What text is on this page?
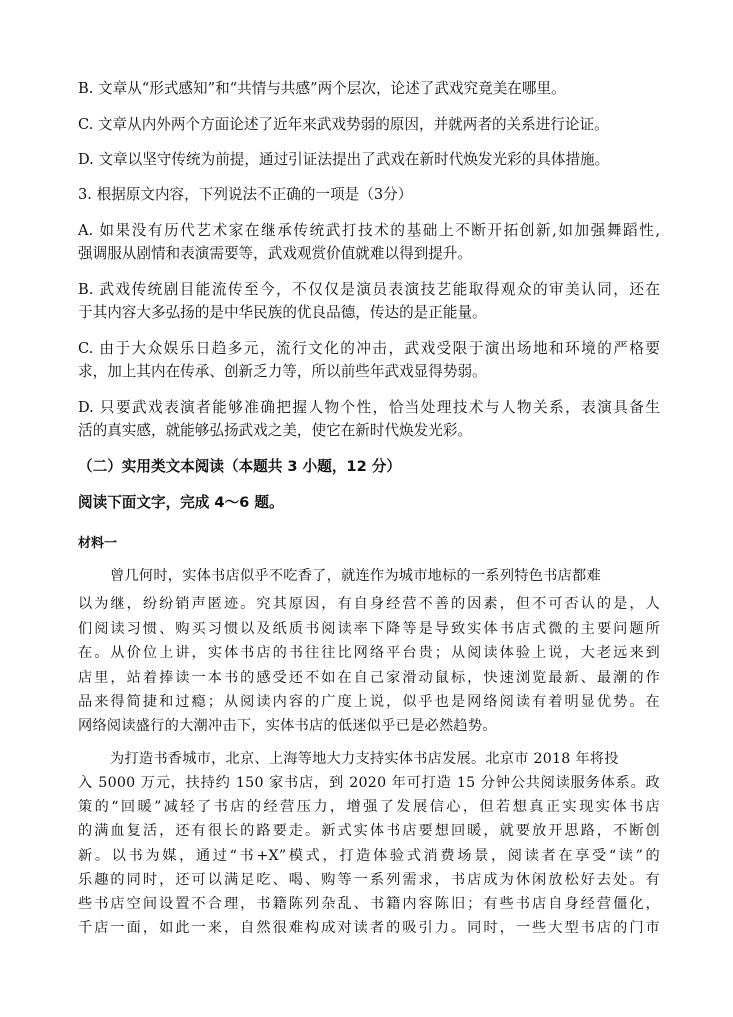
B. 文章从“形式感知”和“共情与共感”两个层次，论述了武戏究竟美在哪里。
C. 文章从内外两个方面论述了近年来武戏势弱的原因，并就两者的关系进行论证。
D. 文章以坚守传统为前提，通过引证法提出了武戏在新时代焕发光彩的具体措施。
3. 根据原文内容，下列说法不正确的一项是（3分）
A. 如果没有历代艺术家在继承传统武打技术的基础上不断开拓创新,如加强舞蹈性,
强调服从剧情和表演需要等，武戏观赏价值就难以得到提升。
B. 武戏传统剧目能流传至今，不仅仅是演员表演技艺能取得观众的审美认同，还在
于其内容大多弘扬的是中华民族的优良品德，传达的是正能量。
C. 由于大众娱乐日趋多元，流行文化的冲击，武戏受限于演出场地和环境的严格要
求，加上其内在传承、创新乏力等，所以前些年武戏显得势弱。
D. 只要武戏表演者能够准确把握人物个性，恰当处理技术与人物关系，表演具备生
活的真实感，就能够弘扬武戏之美，使它在新时代焕发光彩。
（二）实用类文本阅读（本题共 3 小题，12 分）
阅读下面文字，完成 4～6 题。
材料一
曾几何时，实体书店似乎不吃香了，就连作为城市地标的一系列特色书店都难
以为继，纷纷销声匿迹。究其原因，有自身经营不善的因素，但不可否认的是，人
们阅读习惯、购买习惯以及纸质书阅读率下降等是导致实体书店式微的主要问题所
在。从价位上讲，实体书店的书往往比网络平台贵；从阅读体验上说，大老远来到
店里，站着捧读一本书的感受还不如在自己家滑动鼠标，快速浏览最新、最潮的作
品来得简捷和过瘾；从阅读内容的广度上说，似乎也是网络阅读有着明显优势。在
网络阅读盛行的大潮冲击下，实体书店的低迷似乎已是必然趋势。
为打造书香城市，北京、上海等地大力支持实体书店发展。北京市 2018 年将投
入 5000 万元，扶持约 150 家书店，到 2020 年可打造 15 分钟公共阅读服务体系。政
策的“回暖”减轻了书店的经营压力，增强了发展信心，但若想真正实现实体书店
的满血复活，还有很长的路要走。新式实体书店要想回暖，就要放开思路，不断创
新。以书为媒，通过“书+X”模式，打造体验式消费场景，阅读者在享受“读”的
乐趣的同时，还可以满足吃、喝、购等一系列需求，书店成为休闲放松好去处。有
些书店空间设置不合理，书籍陈列杂乱、书籍内容陈旧；有些书店自身经营僵化，
千店一面，如此一来，自然很难构成对读者的吸引力。同时，一些大型书店的门市
